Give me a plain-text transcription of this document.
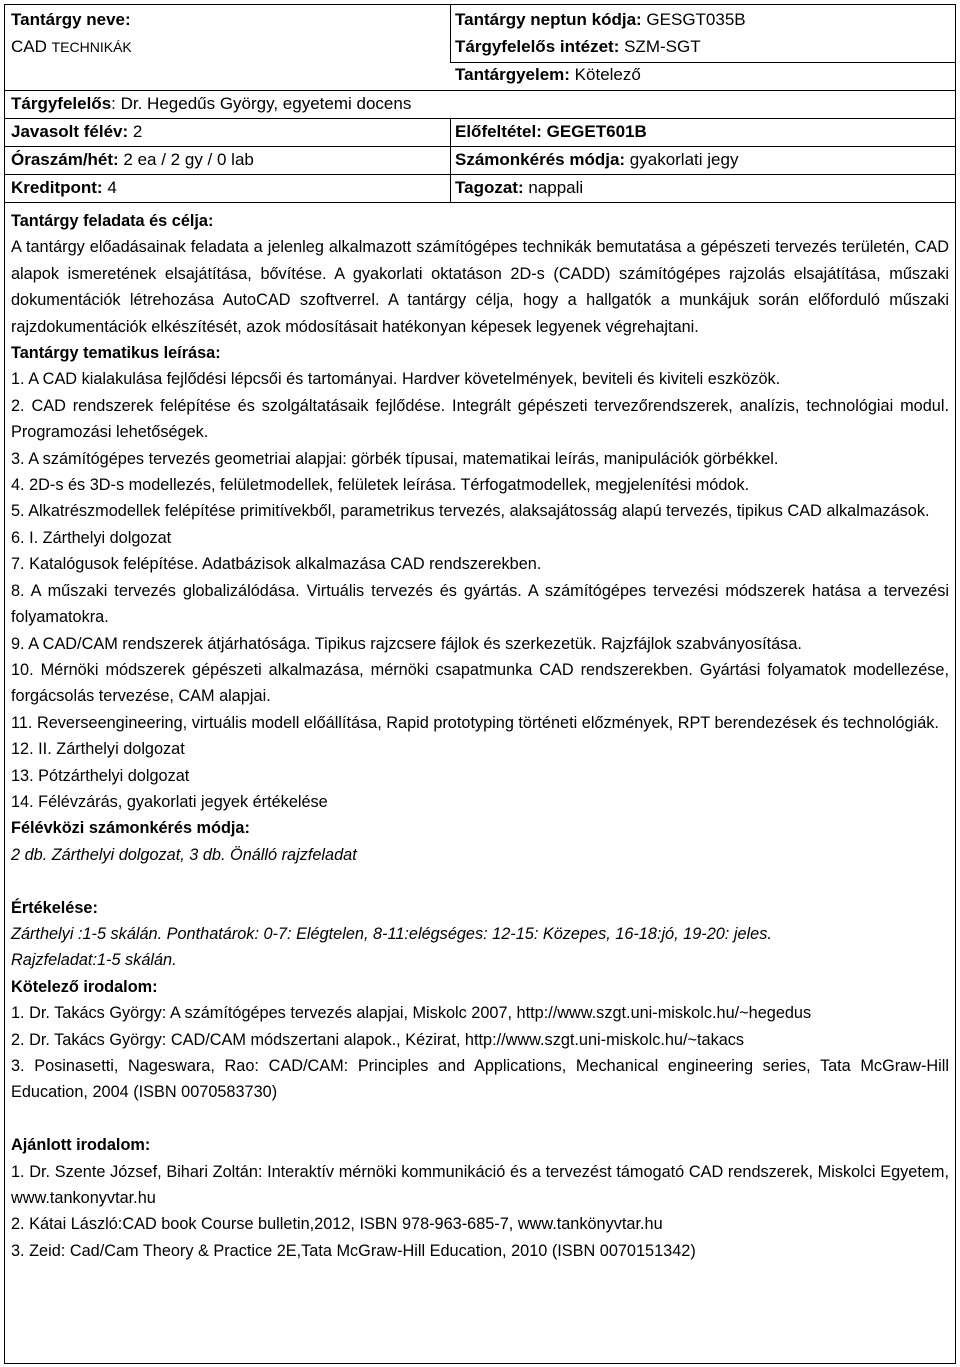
Tantárgy neve:
CAD TECHNIKÁK
Tantárgy neptun kódja: GESGT035B
Tárgyfelelős intézet: SZM-SGT
Tantárgyelem: Kötelező
Tárgyfelelős: Dr. Hegedűs György, egyetemi docens
Javasolt félév: 2	Előfeltétel: GEGET601B
Óraszám/hét: 2 ea / 2 gy / 0 lab	Számonkérés módja: gyakorlati jegy
Kreditpont: 4	Tagozat: nappali

Tantárgy feladata és célja:

A tantárgy előadásainak feladata a jelenleg alkalmazott számítógépes technikák bemutatása a gépészeti tervezés területén, CAD alapok ismeretének elsajátítása, bővítése. A gyakorlati oktatáson 2D-s (CADD) számítógépes rajzolás elsajátítása, műszaki dokumentációk létrehozása AutoCAD szoftverrel. A tantárgy célja, hogy a hallgatók a munkájuk során előforduló műszaki rajzdokumentációk elkészítését, azok módosításait hatékonyan képesek legyenek végrehajtani.

Tantárgy tematikus leírása:

1. A CAD kialakulása fejlődési lépcsői és tartományai. Hardver követelmények, beviteli és kiviteli eszközök.

2. CAD rendszerek felépítése és szolgáltatásaik fejlődése. Integrált gépészeti tervezőrendszerek, analízis, technológiai modul. Programozási lehetőségek.

3. A számítógépes tervezés geometriai alapjai: görbék típusai, matematikai leírás, manipulációk görbékkel.

4. 2D-s és 3D-s modellezés, felületmodellek, felületek leírása. Térfogatmodellek, megjelenítési módok.

5. Alkatrészmodellek felépítése primitívekből, parametrikus tervezés, alaksajátosság alapú tervezés, tipikus CAD alkalmazások.

6. I. Zárthelyi dolgozat

7. Katalógusok felépítése. Adatbázisok alkalmazása CAD rendszerekben.

8. A műszaki tervezés globalizálódása. Virtuális tervezés és gyártás. A számítógépes tervezési módszerek hatása a tervezési folyamatokra.

9. A CAD/CAM rendszerek átjárhatósága. Tipikus rajzcsere fájlok és szerkezetük. Rajzfájlok szabványosítása.

10. Mérnöki módszerek gépészeti alkalmazása, mérnöki csapatmunka CAD rendszerekben. Gyártási folyamatok modellezése, forgácsolás tervezése, CAM alapjai.

11. Reverseengineering, virtuális modell előállítása, Rapid prototyping történeti előzmények, RPT berendezések és technológiák.

12. II. Zárthelyi dolgozat

13. Pótzárthelyi dolgozat

14. Félévzárás, gyakorlati jegyek értékelése

Félévközi számonkérés módja:

2 db. Zárthelyi dolgozat, 3 db. Önálló rajzfeladat

Értékelése:

Zárthelyi :1-5 skálán. Ponthatárok: 0-7: Elégtelen, 8-11:elégséges: 12-15: Közepes, 16-18:jó, 19-20: jeles.

Rajzfeladat:1-5 skálán.

Kötelező irodalom:

1. Dr. Takács György: A számítógépes tervezés alapjai, Miskolc 2007, http://www.szgt.uni-miskolc.hu/~hegedus

2. Dr. Takács György: CAD/CAM módszertani alapok., Kézirat, http://www.szgt.uni-miskolc.hu/~takacs

3. Posinasetti, Nageswara, Rao: CAD/CAM: Principles and Applications, Mechanical engineering series, Tata McGraw-Hill Education, 2004 (ISBN 0070583730)

Ajánlott irodalom:

1. Dr. Szente József, Bihari Zoltán: Interaktív mérnöki kommunikáció és a tervezést támogató CAD rendszerek, Miskolci Egyetem, www.tankonyvtar.hu

2. Kátai László:CAD book Course bulletin,2012, ISBN 978-963-685-7, www.tankönyvtar.hu

3. Zeid: Cad/Cam Theory & Practice 2E,Tata McGraw-Hill Education, 2010 (ISBN 0070151342)
